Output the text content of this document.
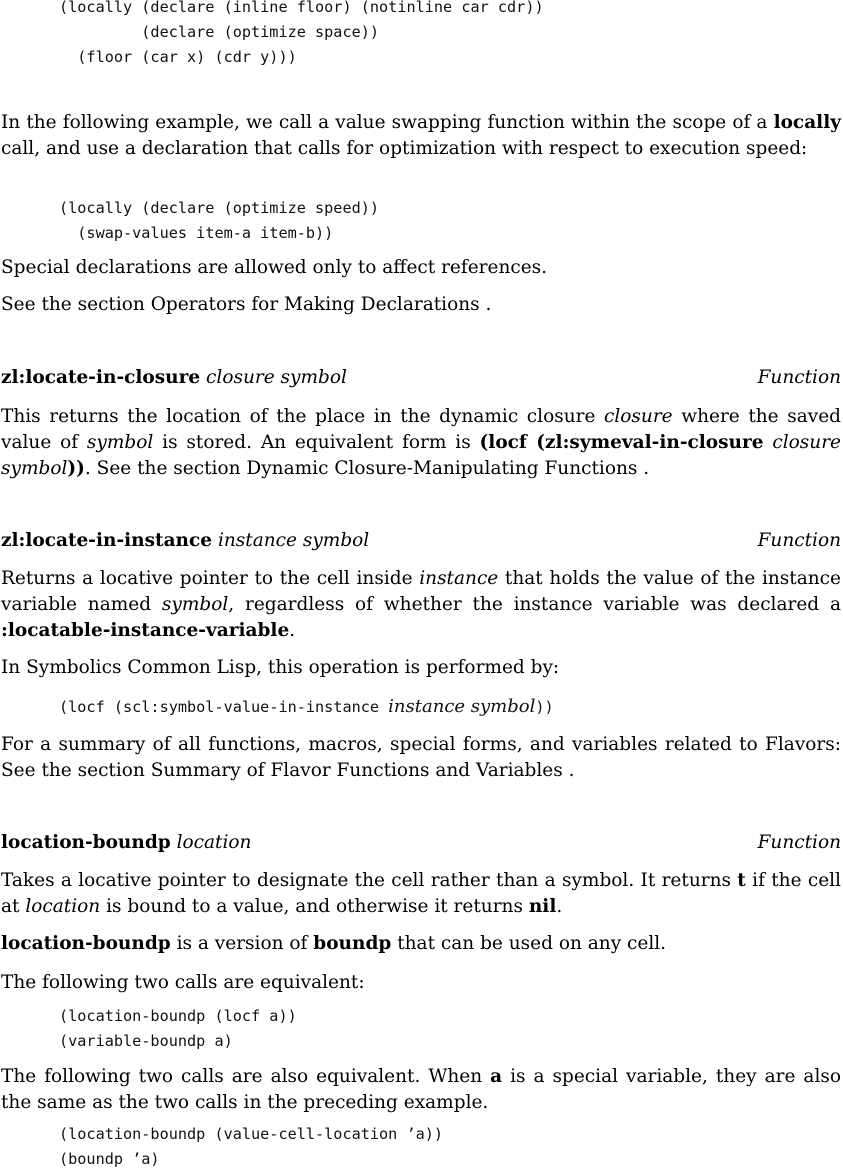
(locally (declare (inline floor) (notinline car cdr))
(declare (optimize space))
(floor (car x) (cdr y)))

In the following example, we call a value swapping function within the scope of a locally call, and use a declaration that calls for optimization with respect to execution speed:

(locally (declare (optimize speed))
(swap-values item-a item-b))

Special declarations are allowed only to affect references.

See the section Operators for Making Declarations .

zl:locate-in-closure closure symbol	Function

This returns the location of the place in the dynamic closure closure where the saved value of symbol is stored. An equivalent form is (locf (zl:symeval-in-closure closure symbol)). See the section Dynamic Closure-Manipulating Functions .

zl:locate-in-instance instance symbol	Function

Returns a locative pointer to the cell inside instance that holds the value of the instance variable named symbol, regardless of whether the instance variable was declared a :locatable-instance-variable.

In Symbolics Common Lisp, this operation is performed by:

(locf (scl:symbol-value-in-instance instance symbol))

For a summary of all functions, macros, special forms, and variables related to Flavors: See the section Summary of Flavor Functions and Variables .

location-boundp location	Function

Takes a locative pointer to designate the cell rather than a symbol. It returns t if the cell at location is bound to a value, and otherwise it returns nil.

location-boundp is a version of boundp that can be used on any cell.

The following two calls are equivalent:

(location-boundp (locf a))
(variable-boundp a)

The following two calls are also equivalent. When a is a special variable, they are also the same as the two calls in the preceding example.

(location-boundp (value-cell-location ’a))
(boundp ’a)
